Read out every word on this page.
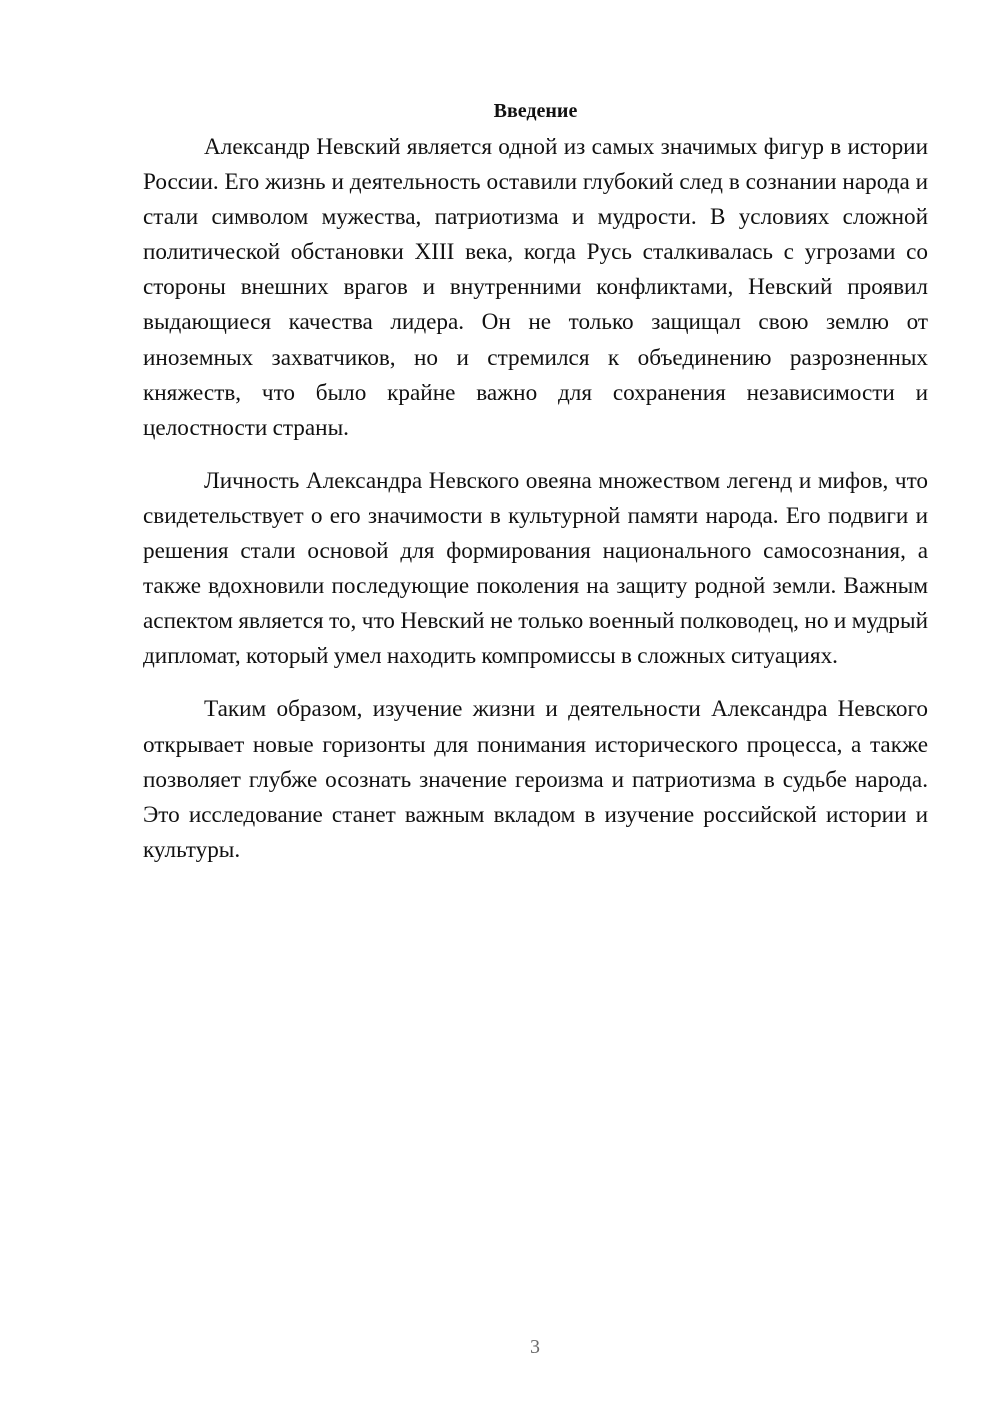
Введение

Александр Невский является одной из самых значимых фигур в истории России. Его жизнь и деятельность оставили глубокий след в сознании народа и стали символом мужества, патриотизма и мудрости. В условиях сложной политической обстановки XIII века, когда Русь сталкивалась с угрозами со стороны внешних врагов и внутренними конфликтами, Невский проявил выдающиеся качества лидера. Он не только защищал свою землю от иноземных захватчиков, но и стремился к объединению разрозненных княжеств, что было крайне важно для сохранения независимости и целостности страны.

Личность Александра Невского овеяна множеством легенд и мифов, что свидетельствует о его значимости в культурной памяти народа. Его подвиги и решения стали основой для формирования национального самосознания, а также вдохновили последующие поколения на защиту родной земли. Важным аспектом является то, что Невский не только военный полководец, но и мудрый дипломат, который умел находить компромиссы в сложных ситуациях.

Таким образом, изучение жизни и деятельности Александра Невского открывает новые горизонты для понимания исторического процесса, а также позволяет глубже осознать значение героизма и патриотизма в судьбе народа. Это исследование станет важным вкладом в изучение российской истории и культуры.

3
